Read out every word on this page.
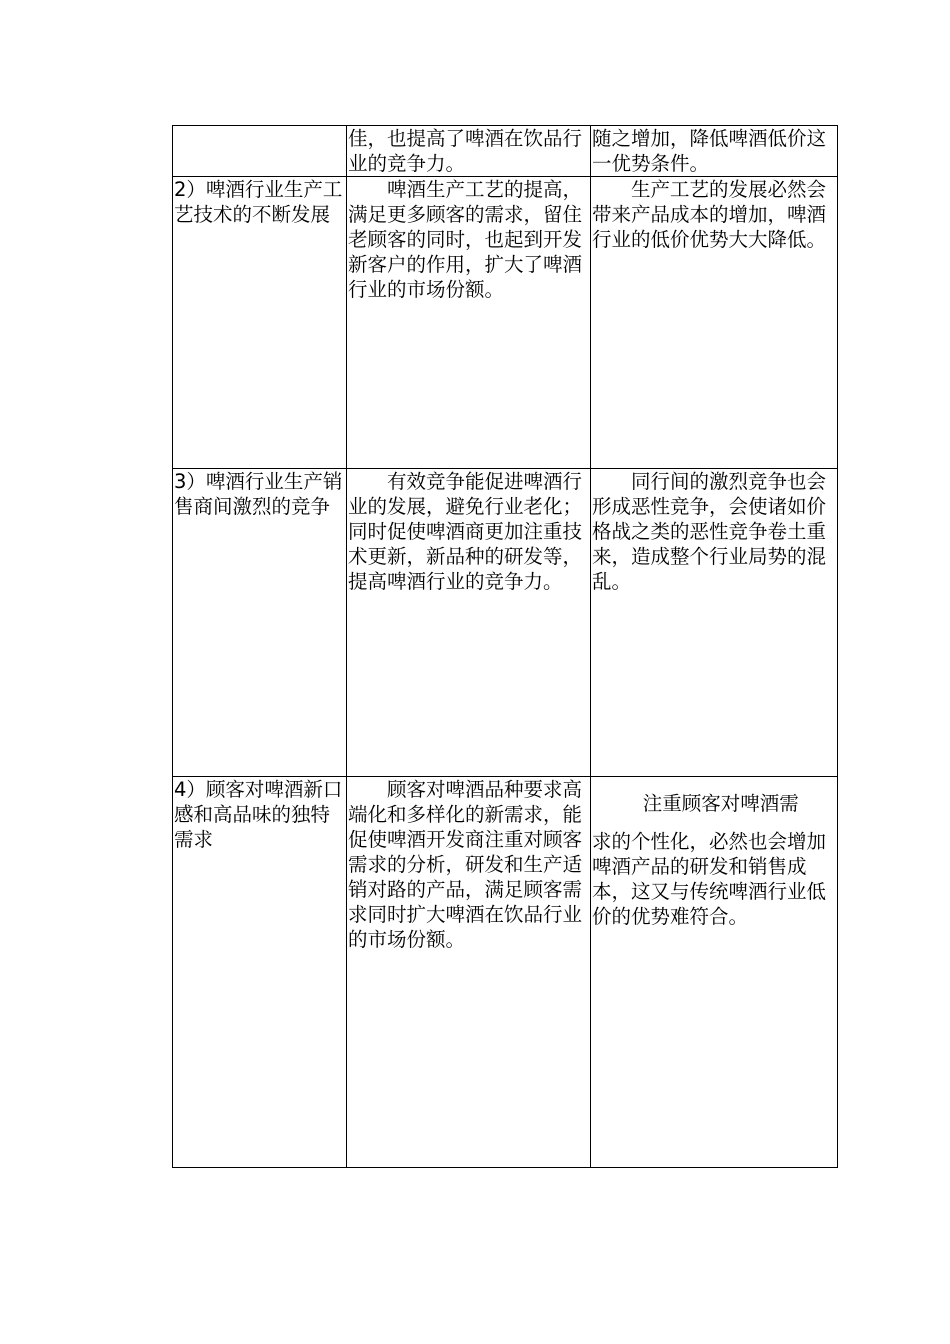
	佳，也提高了啤酒在饮品行业的竞争力。	随之增加，降低啤酒低价这一优势条件。

2）啤酒行业生产工艺技术的不断发展	啤酒生产工艺的提高，满足更多顾客的需求，留住老顾客的同时，也起到开发新客户的作用，扩大了啤酒行业的市场份额。	生产工艺的发展必然会带来产品成本的增加，啤酒行业的低价优势大大降低。

3）啤酒行业生产销售商间激烈的竞争	有效竞争能促进啤酒行业的发展，避免行业老化；同时促使啤酒商更加注重技术更新，新品种的研发等，提高啤酒行业的竞争力。	同行间的激烈竞争也会形成恶性竞争，会使诸如价格战之类的恶性竞争卷土重来，造成整个行业局势的混乱。

4）顾客对啤酒新口感和高品味的独特需求	顾客对啤酒品种要求高端化和多样化的新需求，能促使啤酒开发商注重对顾客需求的分析，研发和生产适销对路的产品，满足顾客需求同时扩大啤酒在饮品行业的市场份额。	注重顾客对啤酒需
求的个性化，必然也会增加啤酒产品的研发和销售成本，这又与传统啤酒行业低价的优势难符合。
